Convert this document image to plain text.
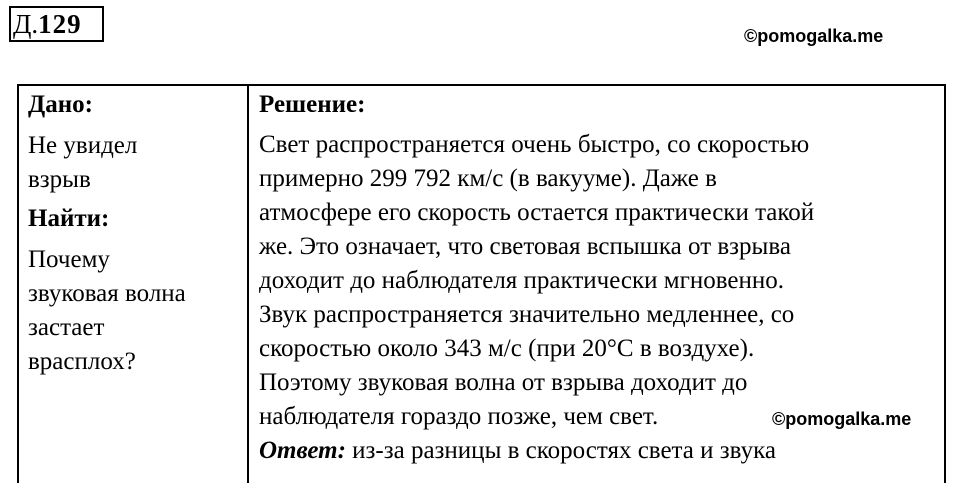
Д.129	©pomogalka.me
Дано:
Не увидел
взрыв
Найти:
Почему
звуковая волна
застает
врасплох?
Решение:
Свет распространяется очень быстро, со скоростью
примерно 299 792 км/с (в вакууме). Даже в
атмосфере его скорость остается практически такой
же. Это означает, что световая вспышка от взрыва
доходит до наблюдателя практически мгновенно.
Звук распространяется значительно медленнее, со
скоростью около 343 м/с (при 20°C в воздухе).
Поэтому звуковая волна от взрыва доходит до
наблюдателя гораздо позже, чем свет.
Ответ: из-за разницы в скоростях света и звука
©pomogalka.me
